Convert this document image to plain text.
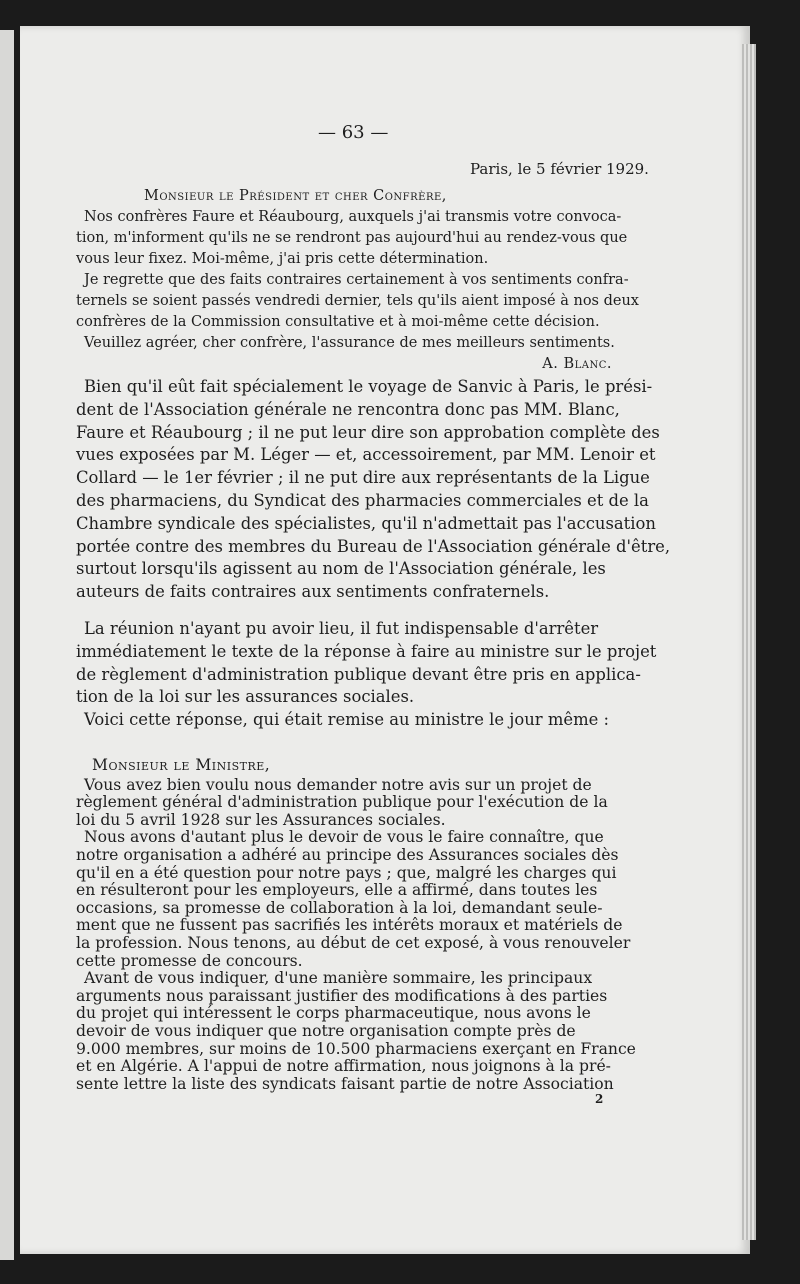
— 63 —
Paris, le 5 février 1929.

Monsieur le Président et cher Confrère,

Nos confrères Faure et Réaubourg, auxquels j'ai transmis votre convoca-

tion, m'informent qu'ils ne se rendront pas aujourd'hui au rendez-vous que

vous leur fixez. Moi-même, j'ai pris cette détermination.

Je regrette que des faits contraires certainement à vos sentiments confra-

ternels se soient passés vendredi dernier, tels qu'ils aient imposé à nos deux

confrères de la Commission consultative et à moi-même cette décision.

Veuillez agréer, cher confrère, l'assurance de mes meilleurs sentiments.

A. Blanc.

Bien qu'il eût fait spécialement le voyage de Sanvic à Paris, le prési-

dent de l'Association générale ne rencontra donc pas MM. Blanc,

Faure et Réaubourg ; il ne put leur dire son approbation complète des

vues exposées par M. Léger — et, accessoirement, par MM. Lenoir et

Collard — le 1er février ; il ne put dire aux représentants de la Ligue

des pharmaciens, du Syndicat des pharmacies commerciales et de la

Chambre syndicale des spécialistes, qu'il n'admettait pas l'accusation

portée contre des membres du Bureau de l'Association générale d'être,

surtout lorsqu'ils agissent au nom de l'Association générale, les

auteurs de faits contraires aux sentiments confraternels.

La réunion n'ayant pu avoir lieu, il fut indispensable d'arrêter

immédiatement le texte de la réponse à faire au ministre sur le projet

de règlement d'administration publique devant être pris en applica-

tion de la loi sur les assurances sociales.

Voici cette réponse, qui était remise au ministre le jour même :

Monsieur le Ministre,

Vous avez bien voulu nous demander notre avis sur un projet de

règlement général d'administration publique pour l'exécution de la

loi du 5 avril 1928 sur les Assurances sociales.

Nous avons d'autant plus le devoir de vous le faire connaître, que

notre organisation a adhéré au principe des Assurances sociales dès

qu'il en a été question pour notre pays ; que, malgré les charges qui

en résulteront pour les employeurs, elle a affirmé, dans toutes les

occasions, sa promesse de collaboration à la loi, demandant seule-

ment que ne fussent pas sacrifiés les intérêts moraux et matériels de

la profession. Nous tenons, au début de cet exposé, à vous renouveler

cette promesse de concours.

Avant de vous indiquer, d'une manière sommaire, les principaux

arguments nous paraissant justifier des modifications à des parties

du projet qui intéressent le corps pharmaceutique, nous avons le

devoir de vous indiquer que notre organisation compte près de

9.000 membres, sur moins de 10.500 pharmaciens exerçant en France

et en Algérie. A l'appui de notre affirmation, nous joignons à la pré-

sente lettre la liste des syndicats faisant partie de notre Association

2
